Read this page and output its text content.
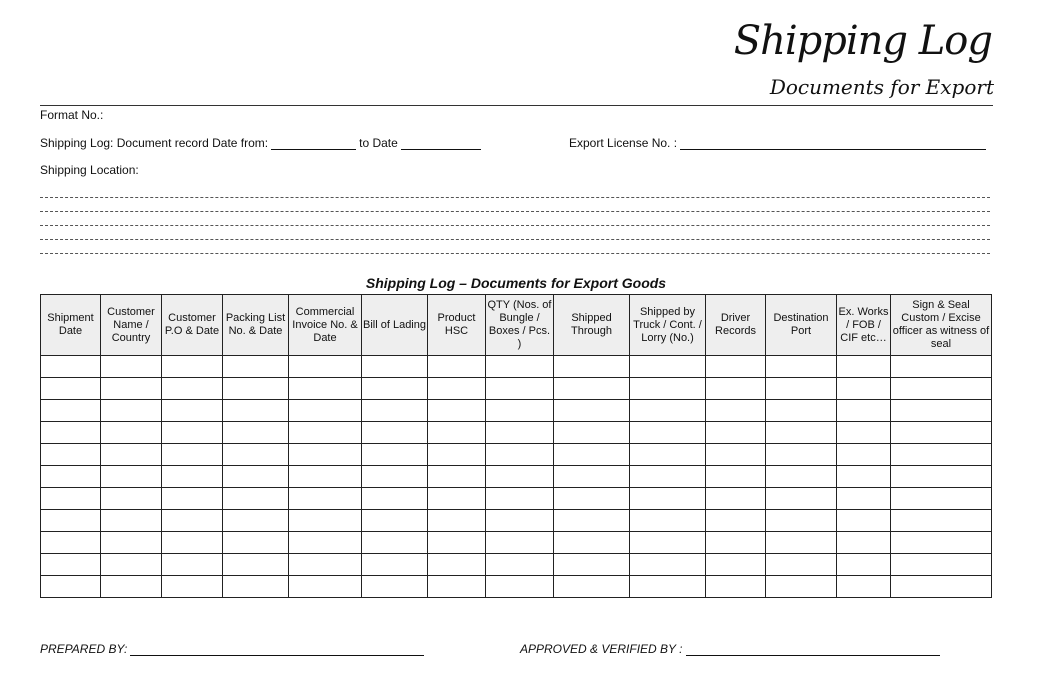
Shipping Log
Documents for Export
Format No.:
Shipping Log: Document record Date from:	to Date	Export License No. :
Shipping Location:
Shipping Log – Documents for Export Goods
Shipment Date	Customer Name / Country	Customer P.O & Date	Packing List No. & Date	Commercial Invoice No. & Date	Bill of Lading	Product HSC	QTY (Nos. of Bungle / Boxes / Pcs. )	Shipped Through	Shipped by Truck / Cont. / Lorry (No.)	Driver Records	Destination Port	Ex. Works / FOB / CIF etc…	Sign & Seal Custom / Excise officer as witness of seal

PREPARED BY:	APPROVED & VERIFIED BY :
